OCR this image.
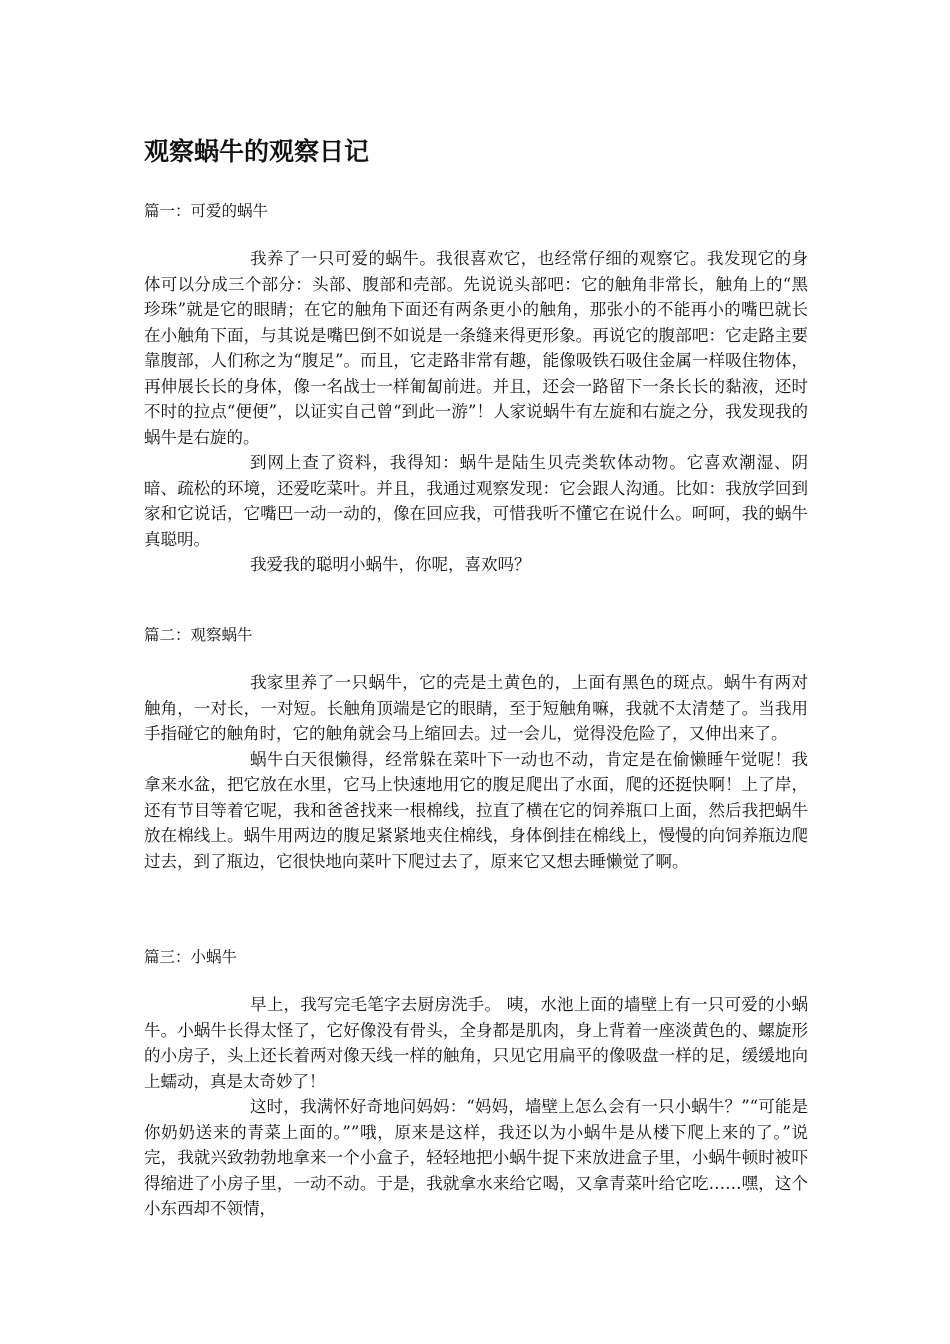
观察蜗牛的观察日记
篇一：可爱的蜗牛

我养了一只可爱的蜗牛。我很喜欢它，也经常仔细的观察它。我发现它的身体可以分成三个部分：头部、腹部和壳部。先说说头部吧：它的触角非常长，触角上的“黑珍珠”就是它的眼睛；在它的触角下面还有两条更小的触角，那张小的不能再小的嘴巴就长在小触角下面，与其说是嘴巴倒不如说是一条缝来得更形象。再说它的腹部吧：它走路主要靠腹部，人们称之为“腹足”。而且，它走路非常有趣，能像吸铁石吸住金属一样吸住物体，再伸展长长的身体，像一名战士一样匍匐前进。并且，还会一路留下一条长长的黏液，还时不时的拉点“便便”，以证实自己曾“到此一游”！人家说蜗牛有左旋和右旋之分，我发现我的蜗牛是右旋的。

到网上查了资料，我得知：蜗牛是陆生贝壳类软体动物。它喜欢潮湿、阴暗、疏松的环境，还爱吃菜叶。并且，我通过观察发现：它会跟人沟通。比如：我放学回到家和它说话，它嘴巴一动一动的，像在回应我，可惜我听不懂它在说什么。呵呵，我的蜗牛真聪明。

我爱我的聪明小蜗牛，你呢，喜欢吗？

篇二：观察蜗牛

我家里养了一只蜗牛，它的壳是土黄色的，上面有黑色的斑点。蜗牛有两对触角，一对长，一对短。长触角顶端是它的眼睛，至于短触角嘛，我就不太清楚了。当我用手指碰它的触角时，它的触角就会马上缩回去。过一会儿，觉得没危险了，又伸出来了。

蜗牛白天很懒得，经常躲在菜叶下一动也不动，肯定是在偷懒睡午觉呢！我拿来水盆，把它放在水里，它马上快速地用它的腹足爬出了水面，爬的还挺快啊！上了岸，还有节目等着它呢，我和爸爸找来一根棉线，拉直了横在它的饲养瓶口上面，然后我把蜗牛放在棉线上。蜗牛用两边的腹足紧紧地夹住棉线，身体倒挂在棉线上，慢慢的向饲养瓶边爬过去，到了瓶边，它很快地向菜叶下爬过去了，原来它又想去睡懒觉了啊。

篇三：小蜗牛

早上，我写完毛笔字去厨房洗手。 咦，水池上面的墙壁上有一只可爱的小蜗牛。小蜗牛长得太怪了，它好像没有骨头，全身都是肌肉，身上背着一座淡黄色的、螺旋形的小房子，头上还长着两对像天线一样的触角，只见它用扁平的像吸盘一样的足，缓缓地向上蠕动，真是太奇妙了！

这时，我满怀好奇地问妈妈：“妈妈，墙壁上怎么会有一只小蜗牛？”“可能是你奶奶送来的青菜上面的。””哦，原来是这样，我还以为小蜗牛是从楼下爬上来的了。”说完，我就兴致勃勃地拿来一个小盒子，轻轻地把小蜗牛捉下来放进盒子里，小蜗牛顿时被吓得缩进了小房子里，一动不动。于是，我就拿水来给它喝，又拿青菜叶给它吃……嘿，这个小东西却不领情，
